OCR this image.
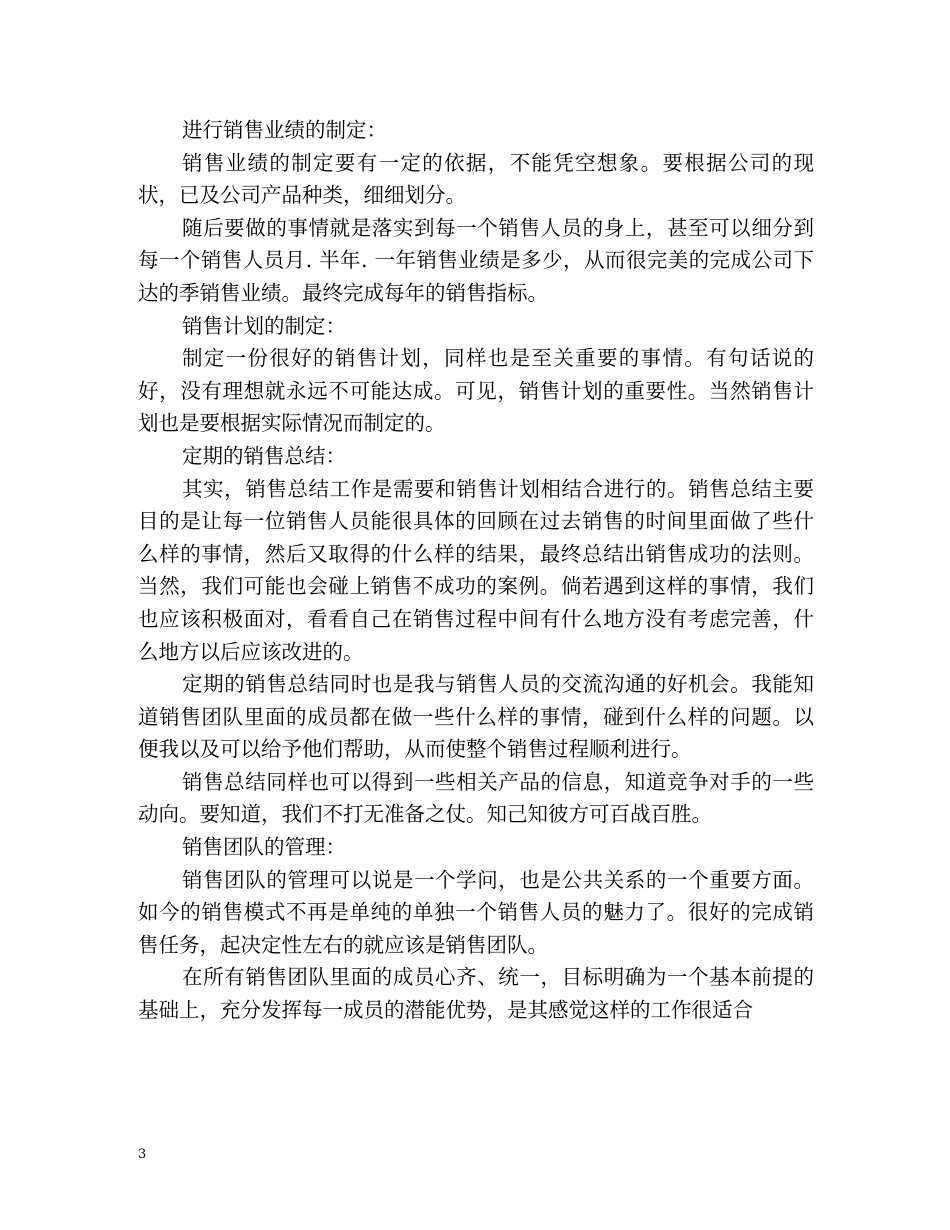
进行销售业绩的制定：

销售业绩的制定要有一定的依据，不能凭空想象。要根据公司的现状，已及公司产品种类，细细划分。

随后要做的事情就是落实到每一个销售人员的身上，甚至可以细分到每一个销售人员月. 半年. 一年销售业绩是多少，从而很完美的完成公司下达的季销售业绩。最终完成每年的销售指标。

销售计划的制定：

制定一份很好的销售计划，同样也是至关重要的事情。有句话说的好，没有理想就永远不可能达成。可见，销售计划的重要性。当然销售计划也是要根据实际情况而制定的。

定期的销售总结：

其实，销售总结工作是需要和销售计划相结合进行的。销售总结主要目的是让每一位销售人员能很具体的回顾在过去销售的时间里面做了些什么样的事情，然后又取得的什么样的结果，最终总结出销售成功的法则。当然，我们可能也会碰上销售不成功的案例。倘若遇到这样的事情，我们也应该积极面对，看看自己在销售过程中间有什么地方没有考虑完善，什么地方以后应该改进的。

定期的销售总结同时也是我与销售人员的交流沟通的好机会。我能知道销售团队里面的成员都在做一些什么样的事情，碰到什么样的问题。以便我以及可以给予他们帮助，从而使整个销售过程顺利进行。

销售总结同样也可以得到一些相关产品的信息，知道竞争对手的一些动向。要知道，我们不打无准备之仗。知己知彼方可百战百胜。

销售团队的管理：

销售团队的管理可以说是一个学问，也是公共关系的一个重要方面。如今的销售模式不再是单纯的单独一个销售人员的魅力了。很好的完成销售任务，起决定性左右的就应该是销售团队。

在所有销售团队里面的成员心齐、统一，目标明确为一个基本前提的基础上，充分发挥每一成员的潜能优势，是其感觉这样的工作很适合

3
